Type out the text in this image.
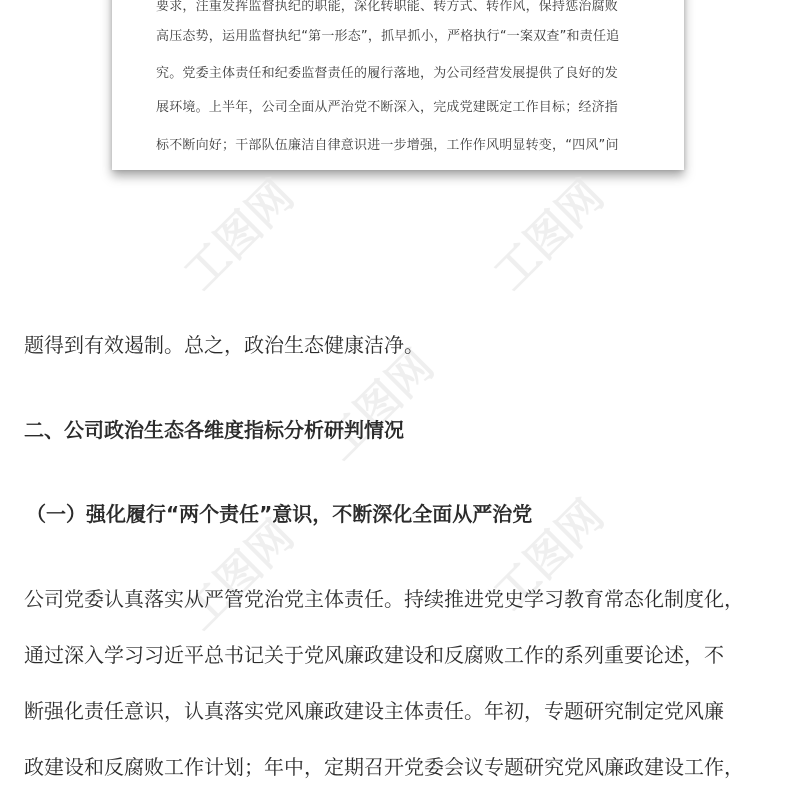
要求，注重发挥监督执纪的职能，深化转职能、转方式、转作风，保持惩治腐败
高压态势，运用监督执纪“第一形态”，抓早抓小，严格执行“一案双查”和责任追
究。党委主体责任和纪委监督责任的履行落地，为公司经营发展提供了良好的发
展环境。上半年，公司全面从严治党不断深入，完成党建既定工作目标；经济指
标不断向好；干部队伍廉洁自律意识进一步增强，工作作风明显转变，“四风”问
工图网	工图网
工图网
工图网	工图网
题得到有效遏制。总之，政治生态健康洁净。
二、公司政治生态各维度指标分析研判情况
（一）强化履行“两个责任”意识，不断深化全面从严治党
公司党委认真落实从严管党治党主体责任。持续推进党史学习教育常态化制度化，
通过深入学习习近平总书记关于党风廉政建设和反腐败工作的系列重要论述，不
断强化责任意识，认真落实党风廉政建设主体责任。年初，专题研究制定党风廉
政建设和反腐败工作计划；年中，定期召开党委会议专题研究党风廉政建设工作，
